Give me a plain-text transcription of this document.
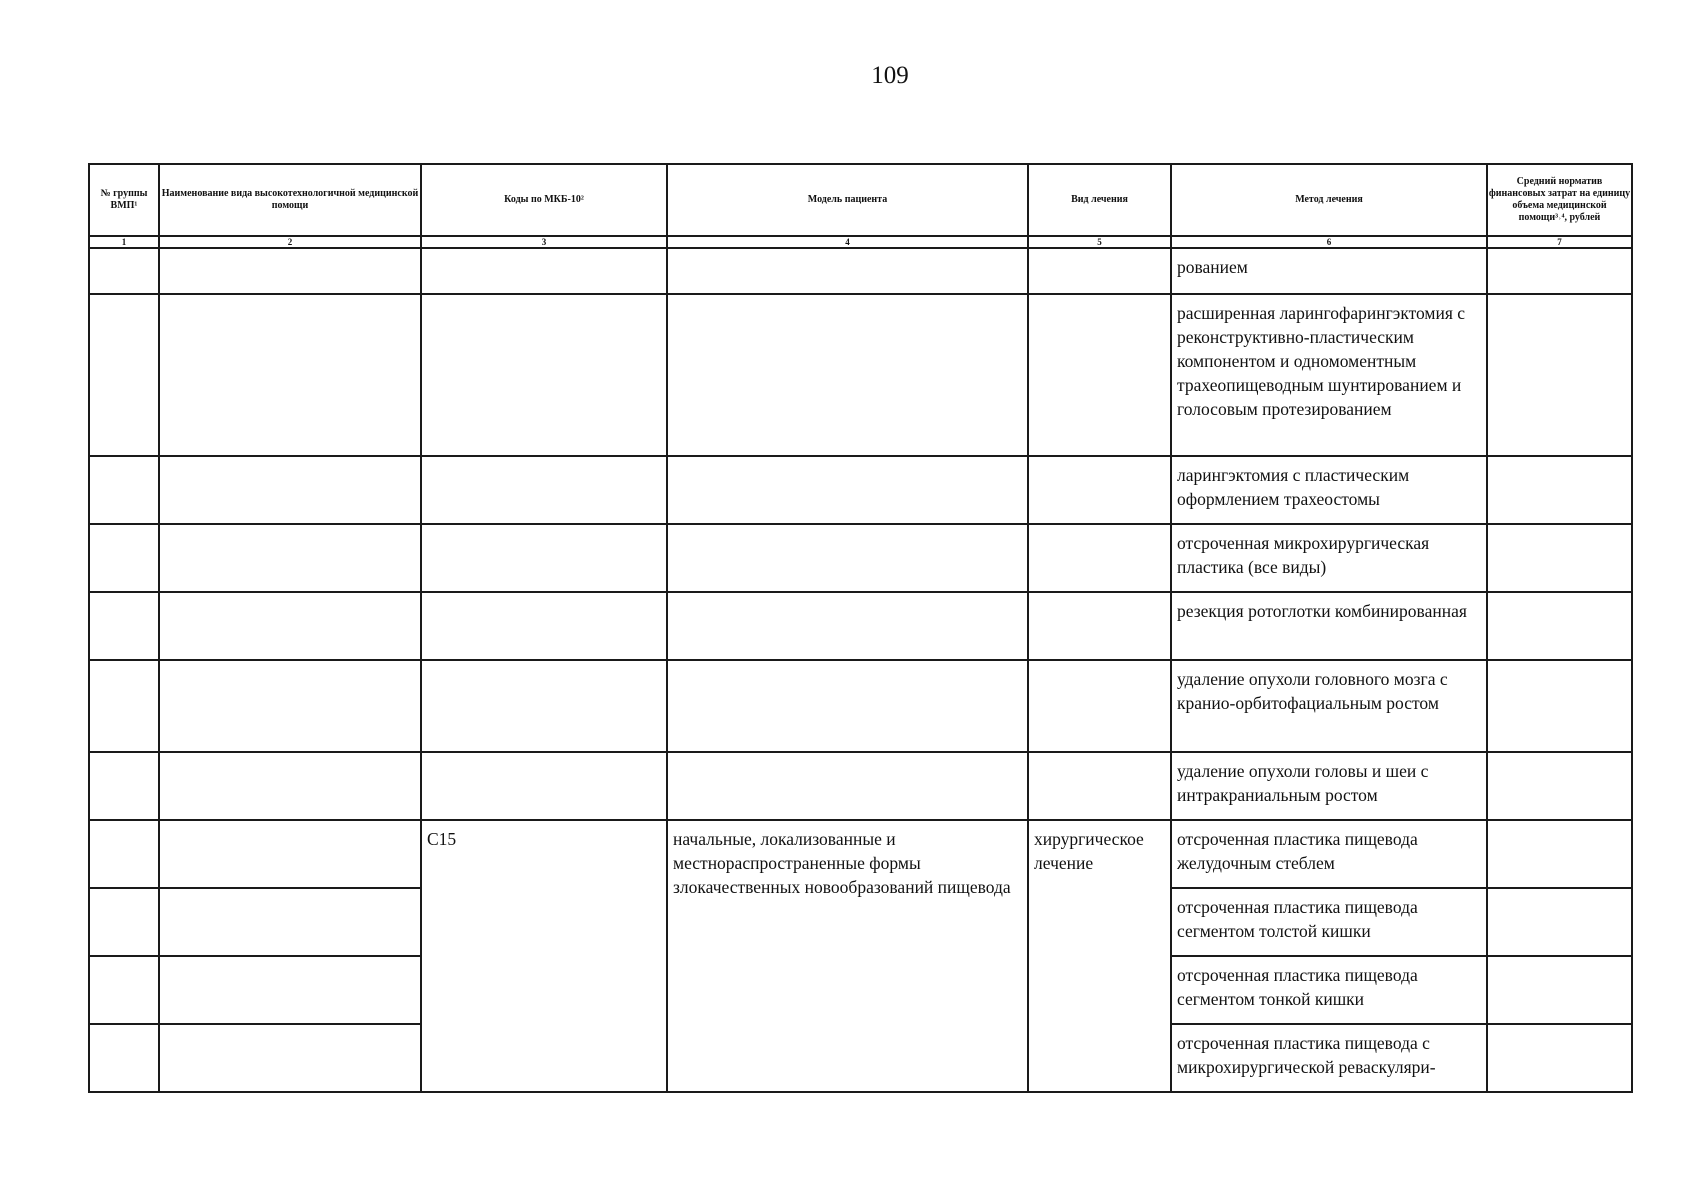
109
№ группы ВМП¹	Наименование вида высокотехнологичной медицинской помощи	Коды по МКБ-10²	Модель пациента	Вид лечения	Метод лечения	Средний норматив финансовых затрат на единицу объема медицинской помощи³˒⁴, рублей
1	2	3	4	5	6	7
					рованием	
					расширенная ларингофарингэктомия с реконструктивно-пластическим компонентом и одномоментным трахеопищеводным шунтированием и голосовым протезированием	
					ларингэктомия с пластическим оформлением трахеостомы	
					отсроченная микрохирургическая пластика (все виды)	
					резекция ротоглотки комбинированная	
					удаление опухоли головного мозга с кранио-орбитофациальным ростом	
					удаление опухоли головы и шеи с интракраниальным ростом	
		C15	начальные, локализованные и местнораспространенные формы злокачественных новообразований пищевода	хирургическое лечение	отсроченная пластика пищевода желудочным стеблем	
					отсроченная пластика пищевода сегментом толстой кишки	
					отсроченная пластика пищевода сегментом тонкой кишки	
					отсроченная пластика пищевода с микрохирургической реваскуляри-	
